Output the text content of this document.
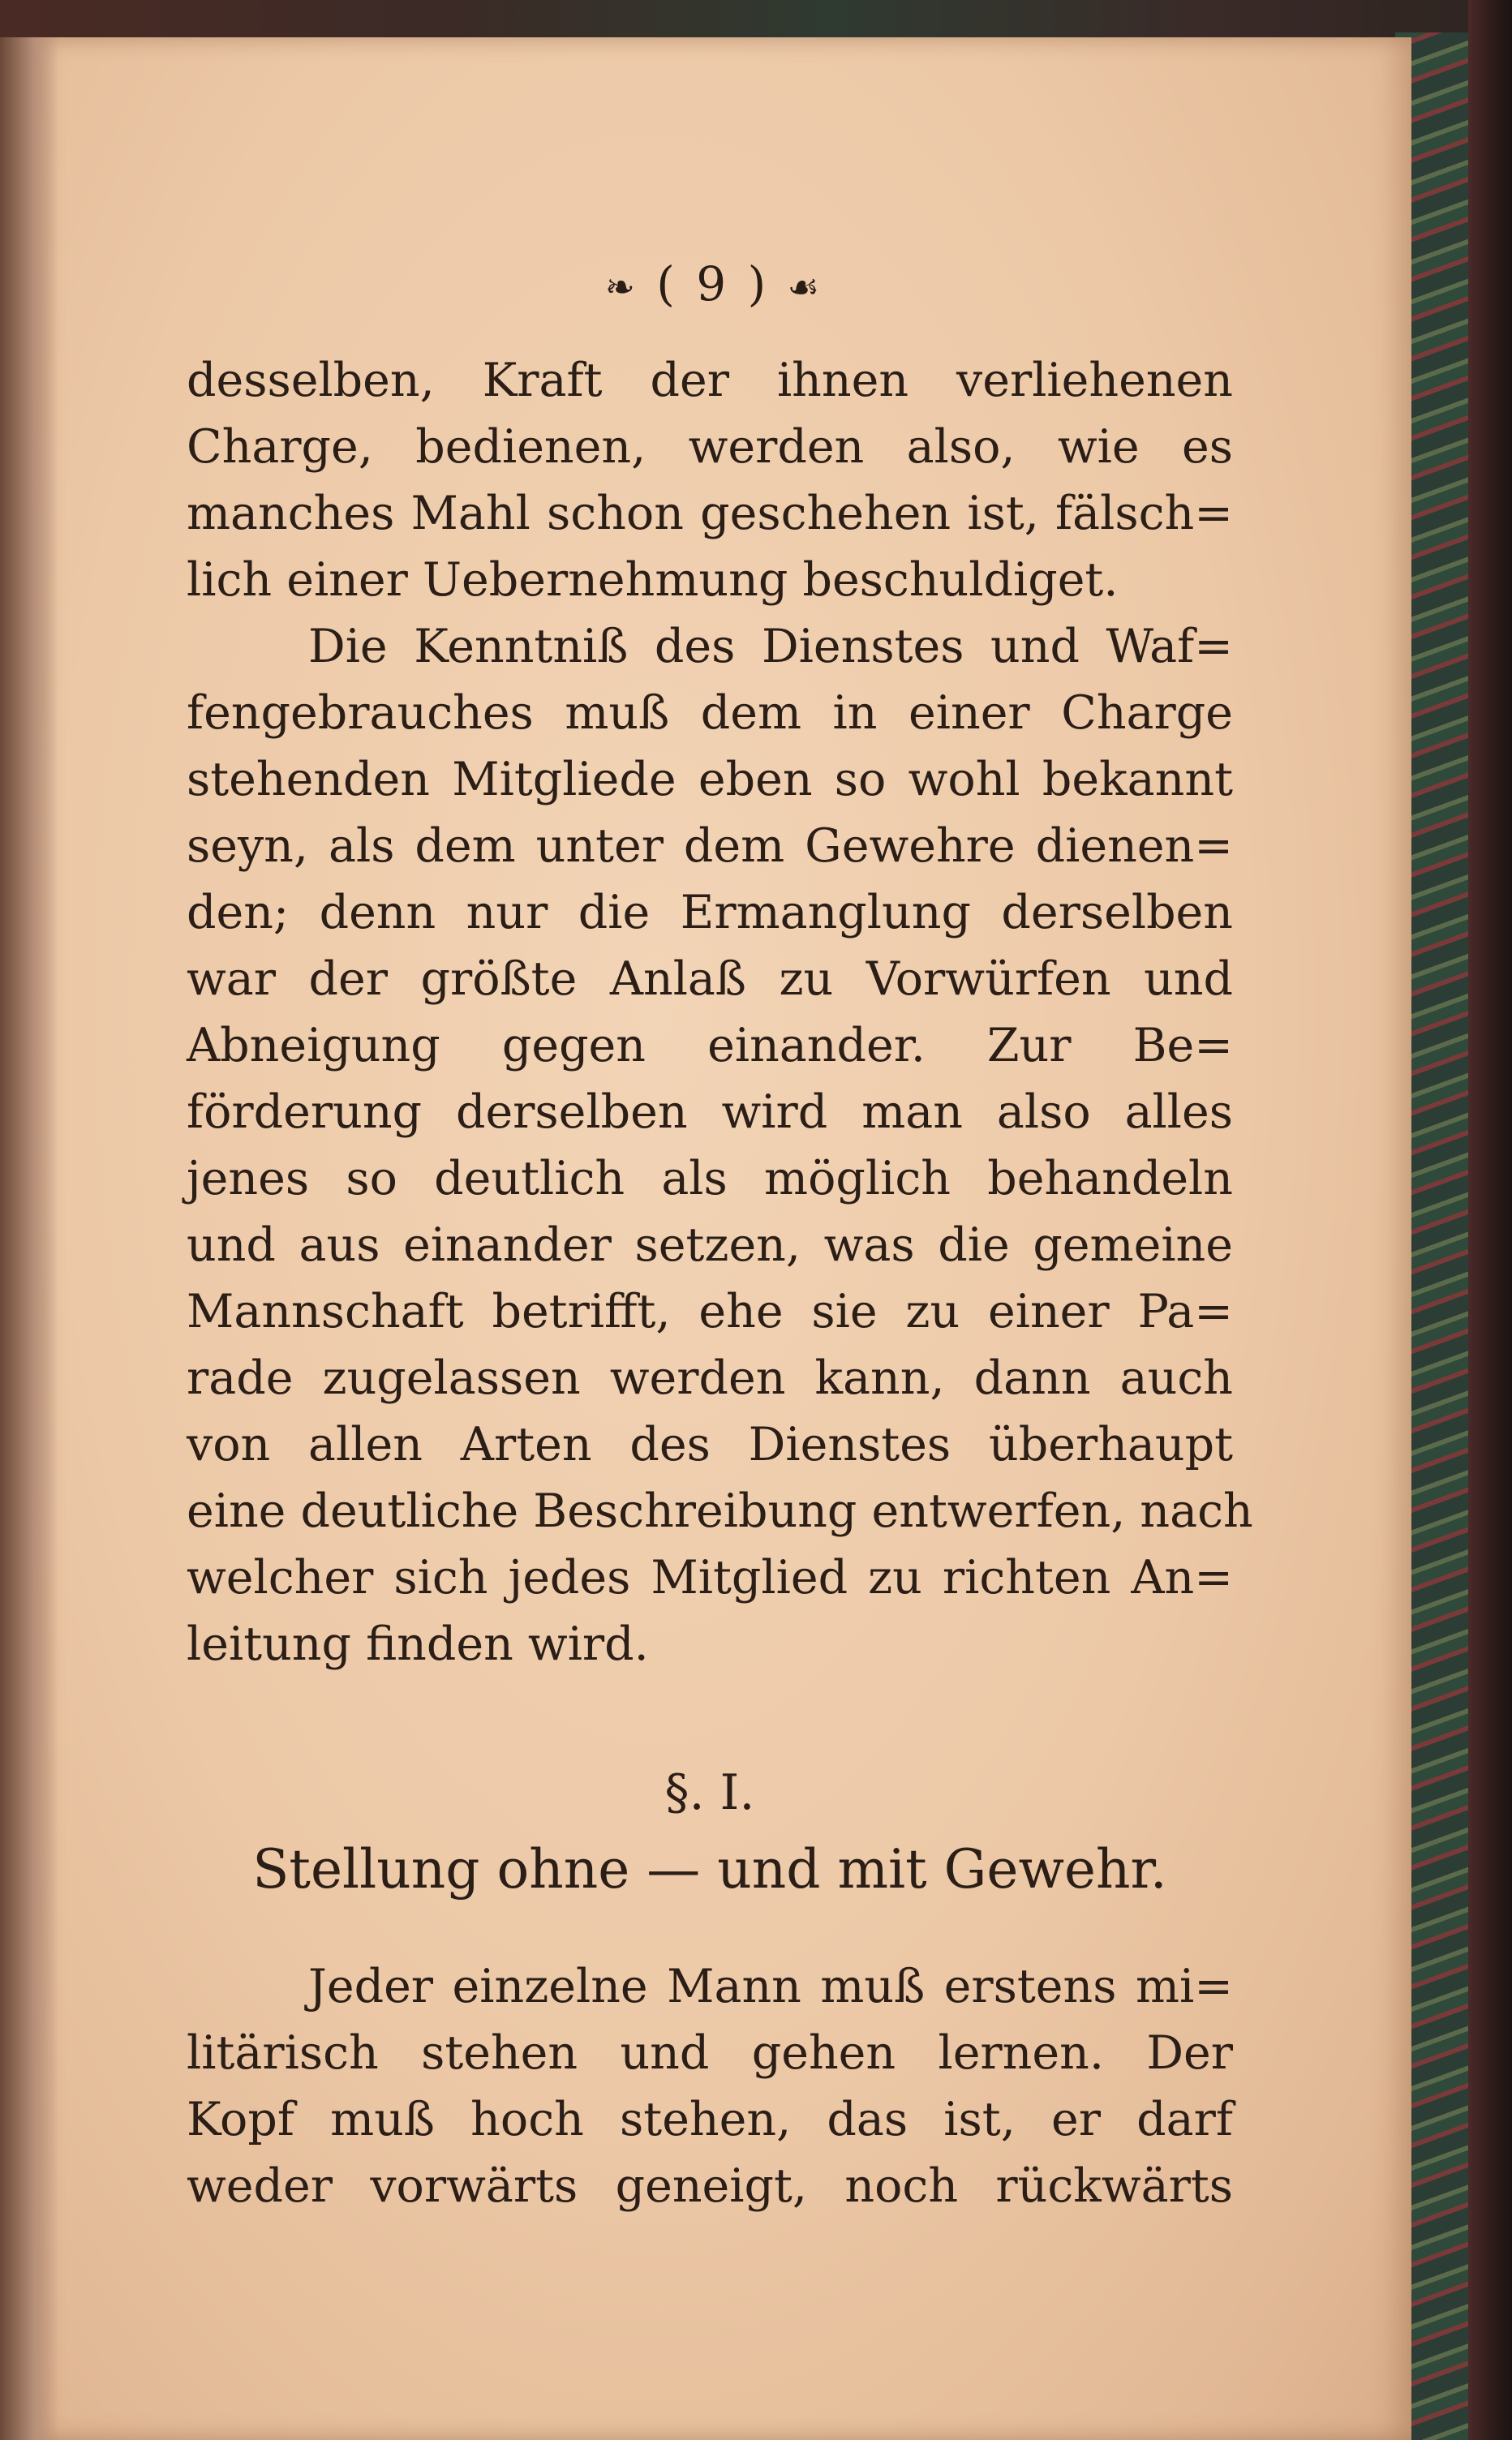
❧ ( 9 ) ☙
desselben, Kraft der ihnen verliehenen
Charge, bedienen, werden also, wie es
manches Mahl schon geschehen ist, fälsch=
lich einer Uebernehmung beschuldiget.
Die Kenntniß des Dienstes und Waf=
fengebrauches muß dem in einer Charge
stehenden Mitgliede eben so wohl bekannt
seyn, als dem unter dem Gewehre dienen=
den; denn nur die Ermanglung derselben
war der größte Anlaß zu Vorwürfen und
Abneigung gegen einander. Zur Be=
förderung derselben wird man also alles
jenes so deutlich als möglich behandeln
und aus einander setzen, was die gemeine
Mannschaft betrifft, ehe sie zu einer Pa=
rade zugelassen werden kann, dann auch
von allen Arten des Dienstes überhaupt
eine deutliche Beschreibung entwerfen, nach
welcher sich jedes Mitglied zu richten An=
leitung finden wird.
§. I.
Stellung ohne — und mit Gewehr.
Jeder einzelne Mann muß erstens mi=
litärisch stehen und gehen lernen. Der
Kopf muß hoch stehen, das ist, er darf
weder vorwärts geneigt, noch rückwärts
